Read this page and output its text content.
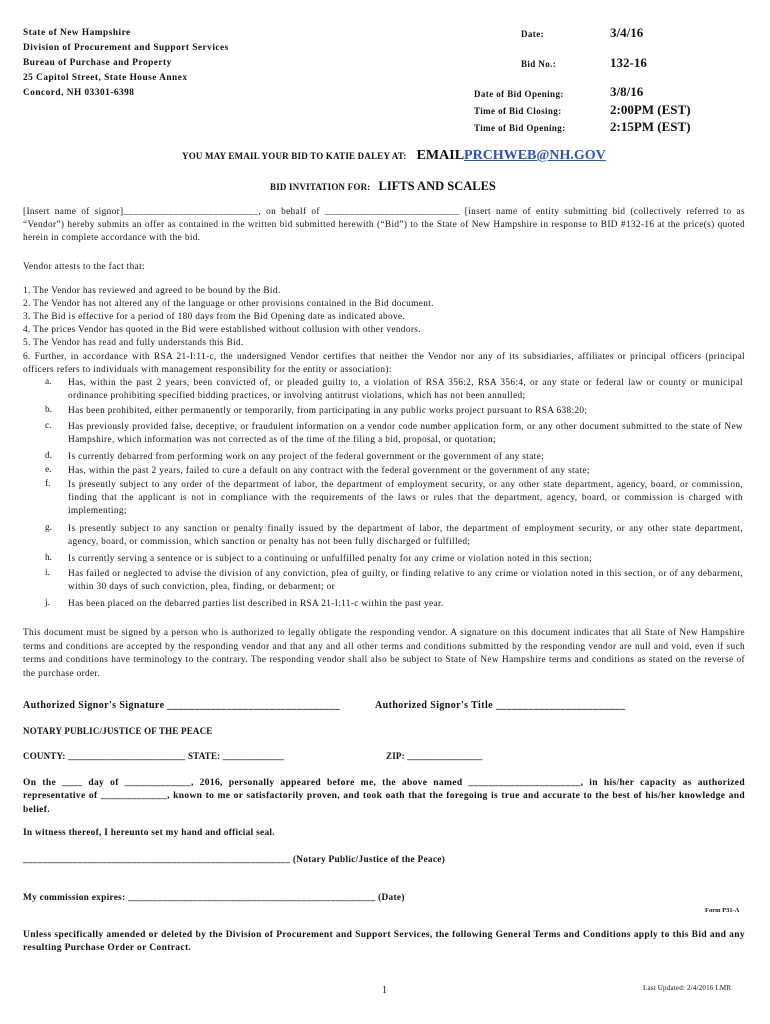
State of New Hampshire
Division of Procurement and Support Services
Bureau of Purchase and Property
25 Capitol Street, State House Annex
Concord, NH 03301-6398
Date:	3/4/16
Bid No.:	132-16
Date of Bid Opening:	3/8/16
Time of Bid Closing:	2:00PM (EST)
Time of Bid Opening:	2:15PM (EST)
YOU MAY EMAIL YOUR BID TO KATIE DALEY AT: EMAILPRCHWEB@NH.GOV
BID INVITATION FOR: LIFTS AND SCALES
[Insert name of signor]___________________________, on behalf of ___________________________ [insert name of entity submitting bid (collectively referred to as “Vendor”) hereby submits an offer as contained in the written bid submitted herewith (“Bid”) to the State of New Hampshire in response to BID #132-16 at the price(s) quoted herein in complete accordance with the bid.
Vendor attests to the fact that:
1. The Vendor has reviewed and agreed to be bound by the Bid.
2. The Vendor has not altered any of the language or other provisions contained in the Bid document.
3. The Bid is effective for a period of 180 days from the Bid Opening date as indicated above.
4. The prices Vendor has quoted in the Bid were established without collusion with other vendors.
5. The Vendor has read and fully understands this Bid.
6. Further, in accordance with RSA 21-I:11-c, the undersigned Vendor certifies that neither the Vendor nor any of its subsidiaries, affiliates or principal officers (principal officers refers to individuals with management responsibility for the entity or association):
a. Has, within the past 2 years, been convicted of, or pleaded guilty to, a violation of RSA 356:2, RSA 356:4, or any state or federal law or county or municipal ordinance prohibiting specified bidding practices, or involving antitrust violations, which has not been annulled;
b. Has been prohibited, either permanently or temporarily, from participating in any public works project pursuant to RSA 638:20;
c. Has previously provided false, deceptive, or fraudulent information on a vendor code number application form, or any other document submitted to the state of New Hampshire, which information was not corrected as of the time of the filing a bid, proposal, or quotation;
d. Is currently debarred from performing work on any project of the federal government or the government of any state;
e. Has, within the past 2 years, failed to cure a default on any contract with the federal government or the government of any state;
f. Is presently subject to any order of the department of labor, the department of employment security, or any other state department, agency, board, or commission, finding that the applicant is not in compliance with the requirements of the laws or rules that the department, agency, board, or commission is charged with implementing;
g. Is presently subject to any sanction or penalty finally issued by the department of labor, the department of employment security, or any other state department, agency, board, or commission, which sanction or penalty has not been fully discharged or fulfilled;
h. Is currently serving a sentence or is subject to a continuing or unfulfilled penalty for any crime or violation noted in this section;
i. Has failed or neglected to advise the division of any conviction, plea of guilty, or finding relative to any crime or violation noted in this section, or of any debarment, within 30 days of such conviction, plea, finding, or debarment; or
j. Has been placed on the debarred parties list described in RSA 21-I:11-c within the past year.
This document must be signed by a person who is authorized to legally obligate the responding vendor. A signature on this document indicates that all State of New Hampshire terms and conditions are accepted by the responding vendor and that any and all other terms and conditions submitted by the responding vendor are null and void, even if such terms and conditions have terminology to the contrary. The responding vendor shall also be subject to State of New Hampshire terms and conditions as stated on the reverse of the purchase order.
Authorized Signor's Signature ________________________________	Authorized Signor's Title ________________________
NOTARY PUBLIC/JUSTICE OF THE PEACE
COUNTY: _________________________ STATE: _____________	ZIP: ________________
On the ____ day of _____________, 2016, personally appeared before me, the above named ______________________, in his/her capacity as authorized representative of _____________, known to me or satisfactorily proven, and took oath that the foregoing is true and accurate to the best of his/her knowledge and belief.
In witness thereof, I hereunto set my hand and official seal.
______________________________________________________ (Notary Public/Justice of the Peace)
My commission expires: __________________________________________________ (Date)
Form P31-A
Unless specifically amended or deleted by the Division of Procurement and Support Services, the following General Terms and Conditions apply to this Bid and any resulting Purchase Order or Contract.
1	Last Updated: 2/4/2016 LMR
